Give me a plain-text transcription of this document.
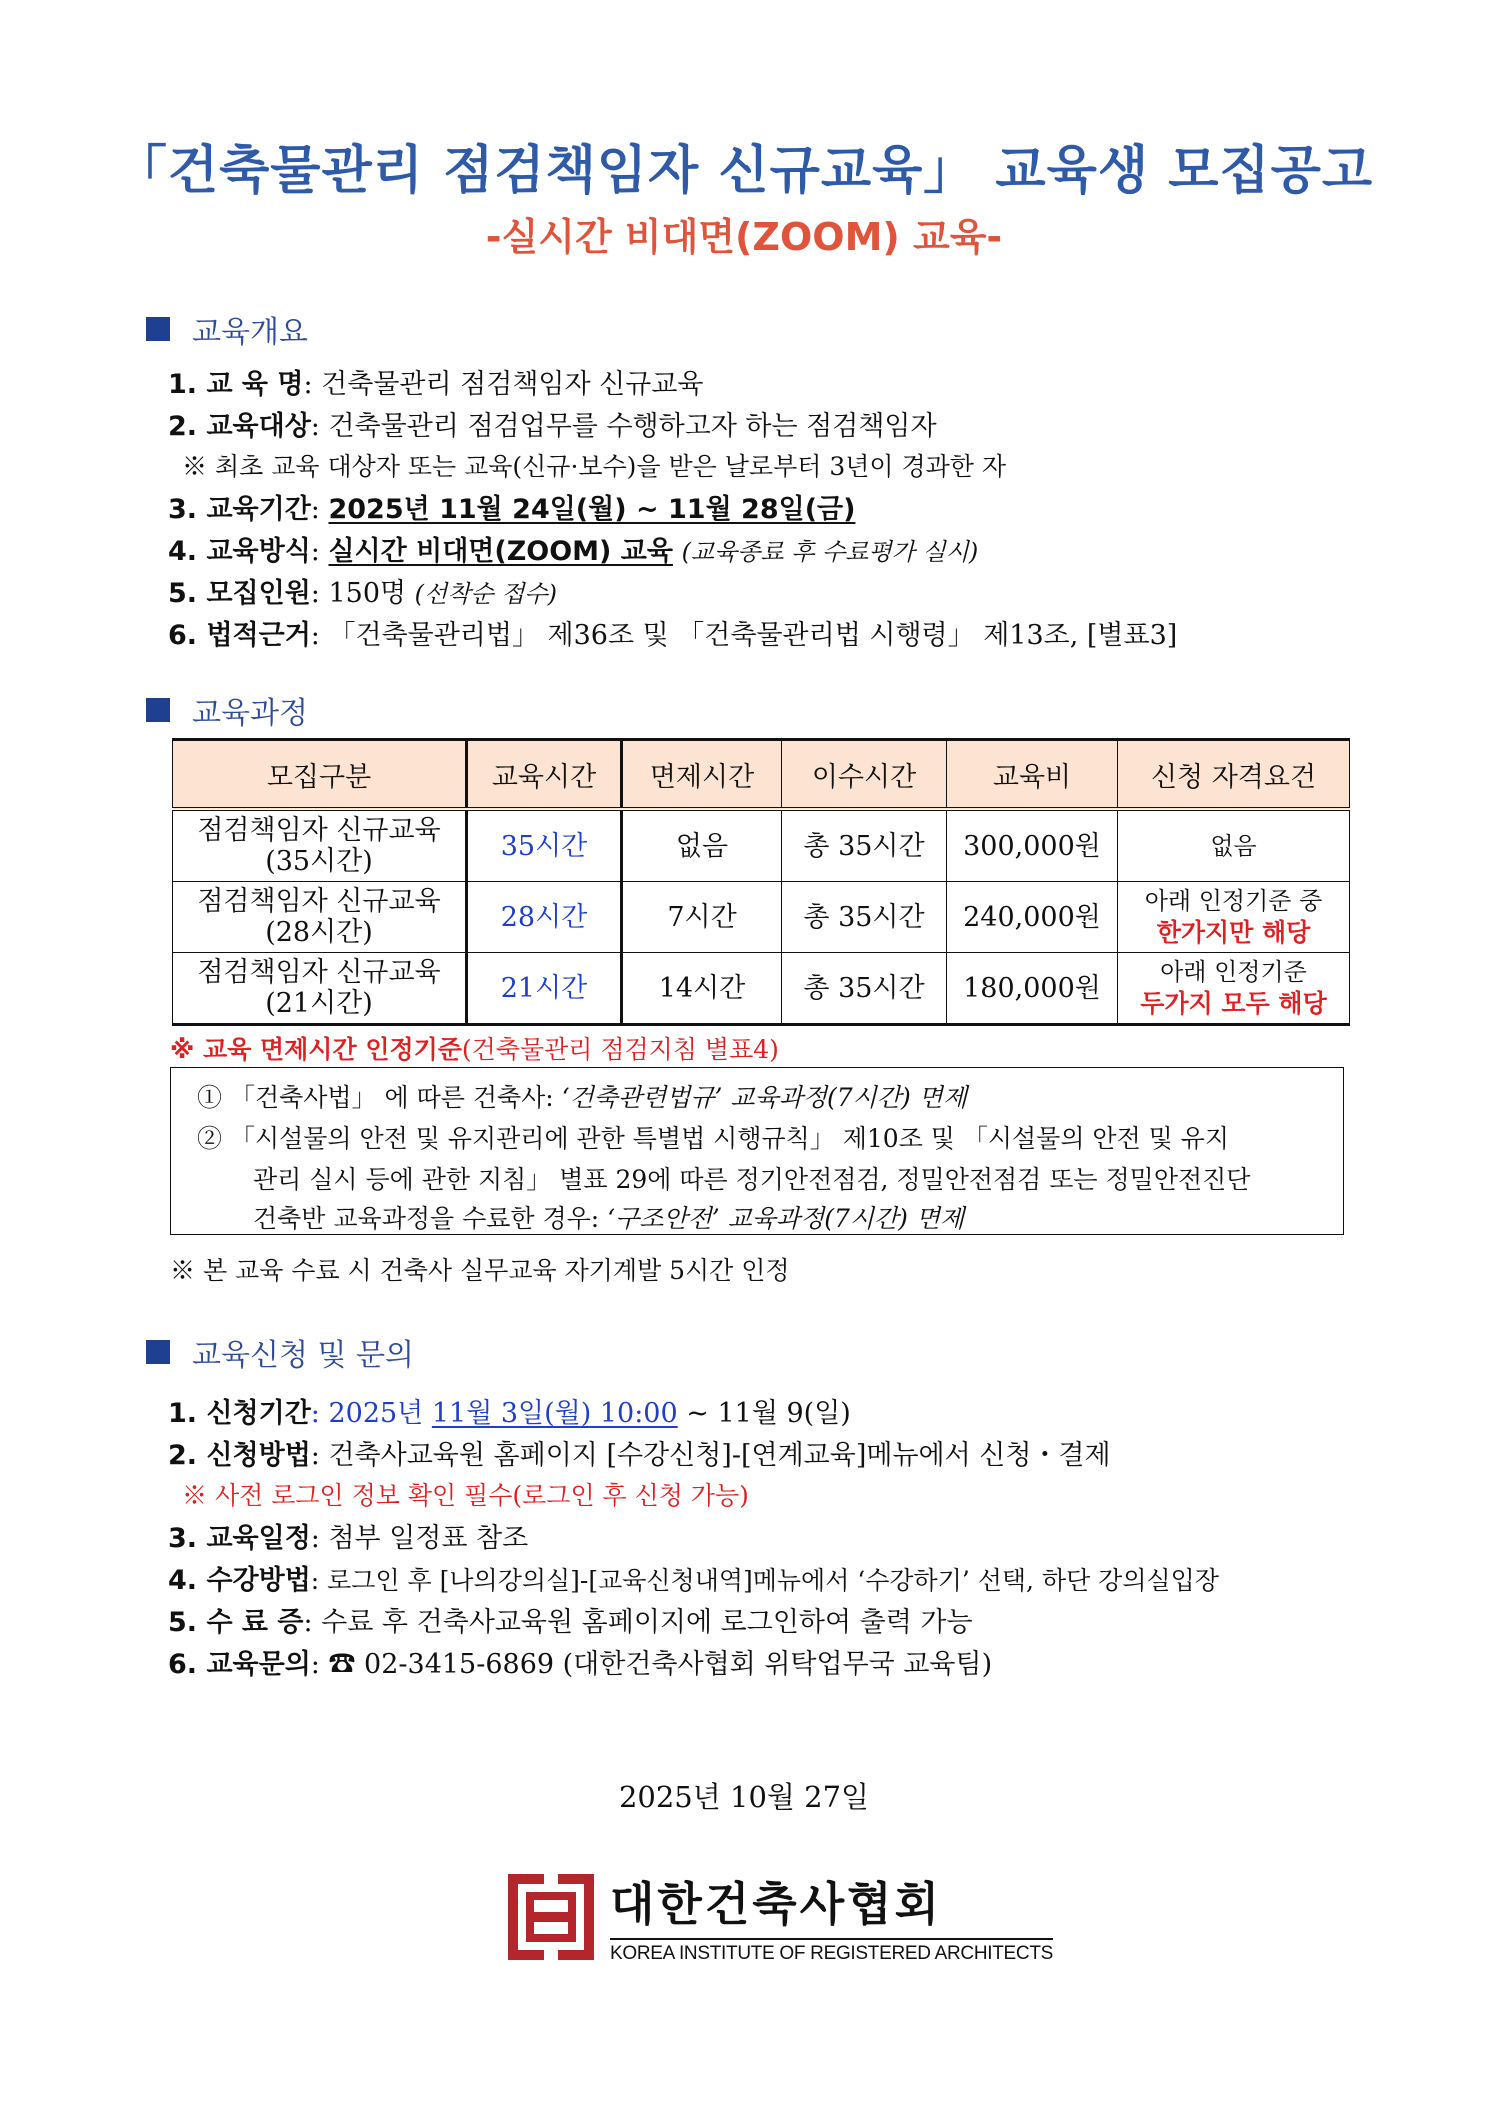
「건축물관리 점검책임자 신규교육」 교육생 모집공고
-실시간 비대면(ZOOM) 교육-
교육개요
1. 교 육 명: 건축물관리 점검책임자 신규교육
2. 교육대상: 건축물관리 점검업무를 수행하고자 하는 점검책임자
※ 최초 교육 대상자 또는 교육(신규·보수)을 받은 날로부터 3년이 경과한 자
3. 교육기간: 2025년 11월 24일(월) ~ 11월 28일(금)
4. 교육방식: 실시간 비대면(ZOOM) 교육 (교육종료 후 수료평가 실시)
5. 모집인원: 150명 (선착순 접수)
6. 법적근거: 「건축물관리법」 제36조 및 「건축물관리법 시행령」 제13조, [별표3]
교육과정
모집구분	교육시간	면제시간	이수시간	교육비	신청 자격요건
점검책임자 신규교육
(35시간)	35시간	없음	총 35시간	300,000원	없음
점검책임자 신규교육
(28시간)	28시간	7시간	총 35시간	240,000원	아래 인정기준 중
한가지만 해당
점검책임자 신규교육
(21시간)	21시간	14시간	총 35시간	180,000원	아래 인정기준
두가지 모두 해당
※ 교육 면제시간 인정기준(건축물관리 점검지침 별표4)
① 「건축사법」 에 따른 건축사: ‘건축관련법규’ 교육과정(7시간) 면제
② 「시설물의 안전 및 유지관리에 관한 특별법 시행규칙」 제10조 및 「시설물의 안전 및 유지
관리 실시 등에 관한 지침」 별표 29에 따른 정기안전점검, 정밀안전점검 또는 정밀안전진단
건축반 교육과정을 수료한 경우: ‘구조안전’ 교육과정(7시간) 면제
※ 본 교육 수료 시 건축사 실무교육 자기계발 5시간 인정
교육신청 및 문의
1. 신청기간: 2025년 11월 3일(월) 10:00 ~ 11월 9(일)
2. 신청방법: 건축사교육원 홈페이지 [수강신청]-[연계교육]메뉴에서 신청・결제
※ 사전 로그인 정보 확인 필수(로그인 후 신청 가능)
3. 교육일정: 첨부 일정표 참조
4. 수강방법: 로그인 후 [나의강의실]-[교육신청내역]메뉴에서 ‘수강하기’ 선택, 하단 강의실입장
5. 수 료 증: 수료 후 건축사교육원 홈페이지에 로그인하여 출력 가능
6. 교육문의: ☎ 02-3415-6869 (대한건축사협회 위탁업무국 교육팀)
2025년 10월 27일
대한건축사협회
KOREA INSTITUTE OF REGISTERED ARCHITECTS
